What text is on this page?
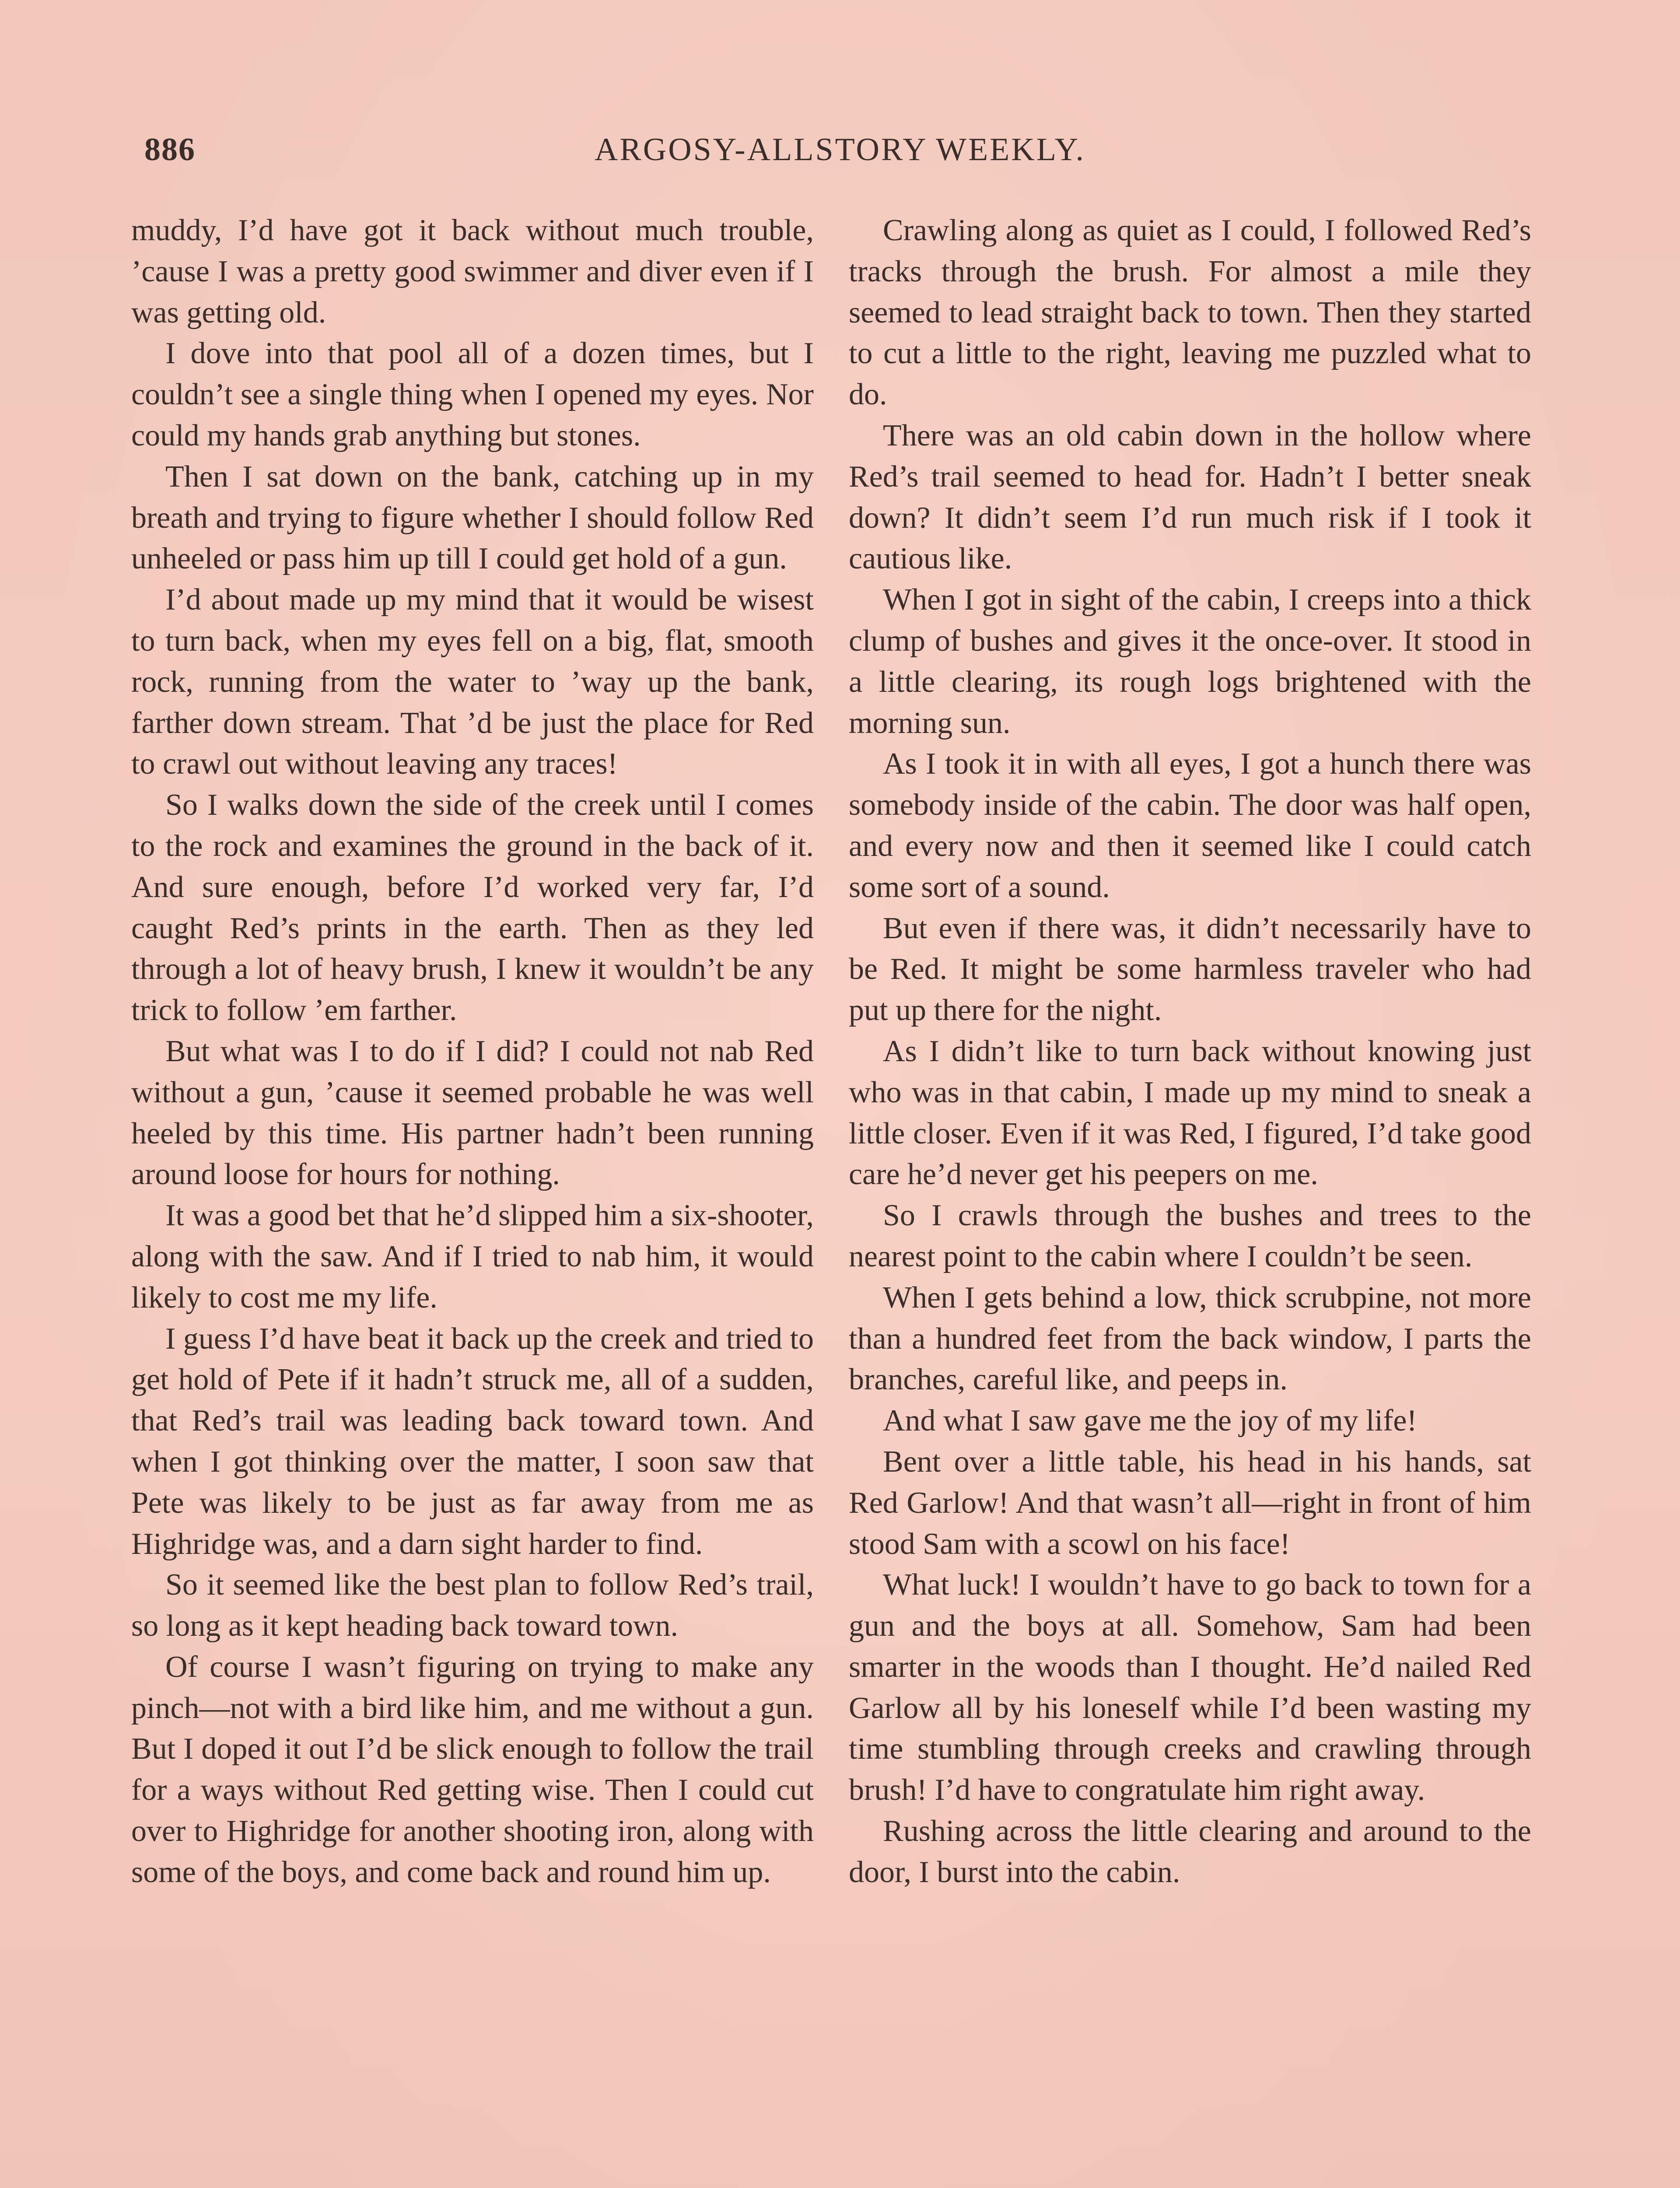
886	ARGOSY-ALLSTORY WEEKLY.

muddy, I’d have got it back without much trouble, ’cause I was a pretty good swimmer and diver even if I was getting old.

I dove into that pool all of a dozen times, but I couldn’t see a single thing when I opened my eyes. Nor could my hands grab anything but stones.

Then I sat down on the bank, catching up in my breath and trying to figure whether I should follow Red unheeled or pass him up till I could get hold of a gun.

I’d about made up my mind that it would be wisest to turn back, when my eyes fell on a big, flat, smooth rock, running from the water to ’way up the bank, farther down stream. That ’d be just the place for Red to crawl out without leaving any traces!

So I walks down the side of the creek until I comes to the rock and examines the ground in the back of it. And sure enough, before I’d worked very far, I’d caught Red’s prints in the earth. Then as they led through a lot of heavy brush, I knew it wouldn’t be any trick to follow ’em farther.

But what was I to do if I did? I could not nab Red without a gun, ’cause it seemed probable he was well heeled by this time. His partner hadn’t been running around loose for hours for nothing.

It was a good bet that he’d slipped him a six-shooter, along with the saw. And if I tried to nab him, it would likely to cost me my life.

I guess I’d have beat it back up the creek and tried to get hold of Pete if it hadn’t struck me, all of a sudden, that Red’s trail was leading back toward town. And when I got thinking over the matter, I soon saw that Pete was likely to be just as far away from me as Highridge was, and a darn sight harder to find.

So it seemed like the best plan to follow Red’s trail, so long as it kept heading back toward town.

Of course I wasn’t figuring on trying to make any pinch—not with a bird like him, and me without a gun. But I doped it out I’d be slick enough to follow the trail for a ways without Red getting wise. Then I could cut over to Highridge for another shooting iron, along with some of the boys, and come back and round him up.

Crawling along as quiet as I could, I followed Red’s tracks through the brush. For almost a mile they seemed to lead straight back to town. Then they started to cut a little to the right, leaving me puzzled what to do.

There was an old cabin down in the hollow where Red’s trail seemed to head for. Hadn’t I better sneak down? It didn’t seem I’d run much risk if I took it cautious like.

When I got in sight of the cabin, I creeps into a thick clump of bushes and gives it the once-over. It stood in a little clearing, its rough logs brightened with the morning sun.

As I took it in with all eyes, I got a hunch there was somebody inside of the cabin. The door was half open, and every now and then it seemed like I could catch some sort of a sound.

But even if there was, it didn’t necessarily have to be Red. It might be some harmless traveler who had put up there for the night.

As I didn’t like to turn back without knowing just who was in that cabin, I made up my mind to sneak a little closer. Even if it was Red, I figured, I’d take good care he’d never get his peepers on me.

So I crawls through the bushes and trees to the nearest point to the cabin where I couldn’t be seen.

When I gets behind a low, thick scrubpine, not more than a hundred feet from the back window, I parts the branches, careful like, and peeps in.

And what I saw gave me the joy of my life!

Bent over a little table, his head in his hands, sat Red Garlow! And that wasn’t all—right in front of him stood Sam with a scowl on his face!

What luck! I wouldn’t have to go back to town for a gun and the boys at all. Somehow, Sam had been smarter in the woods than I thought. He’d nailed Red Garlow all by his loneself while I’d been wasting my time stumbling through creeks and crawling through brush! I’d have to congratulate him right away.

Rushing across the little clearing and around to the door, I burst into the cabin.
